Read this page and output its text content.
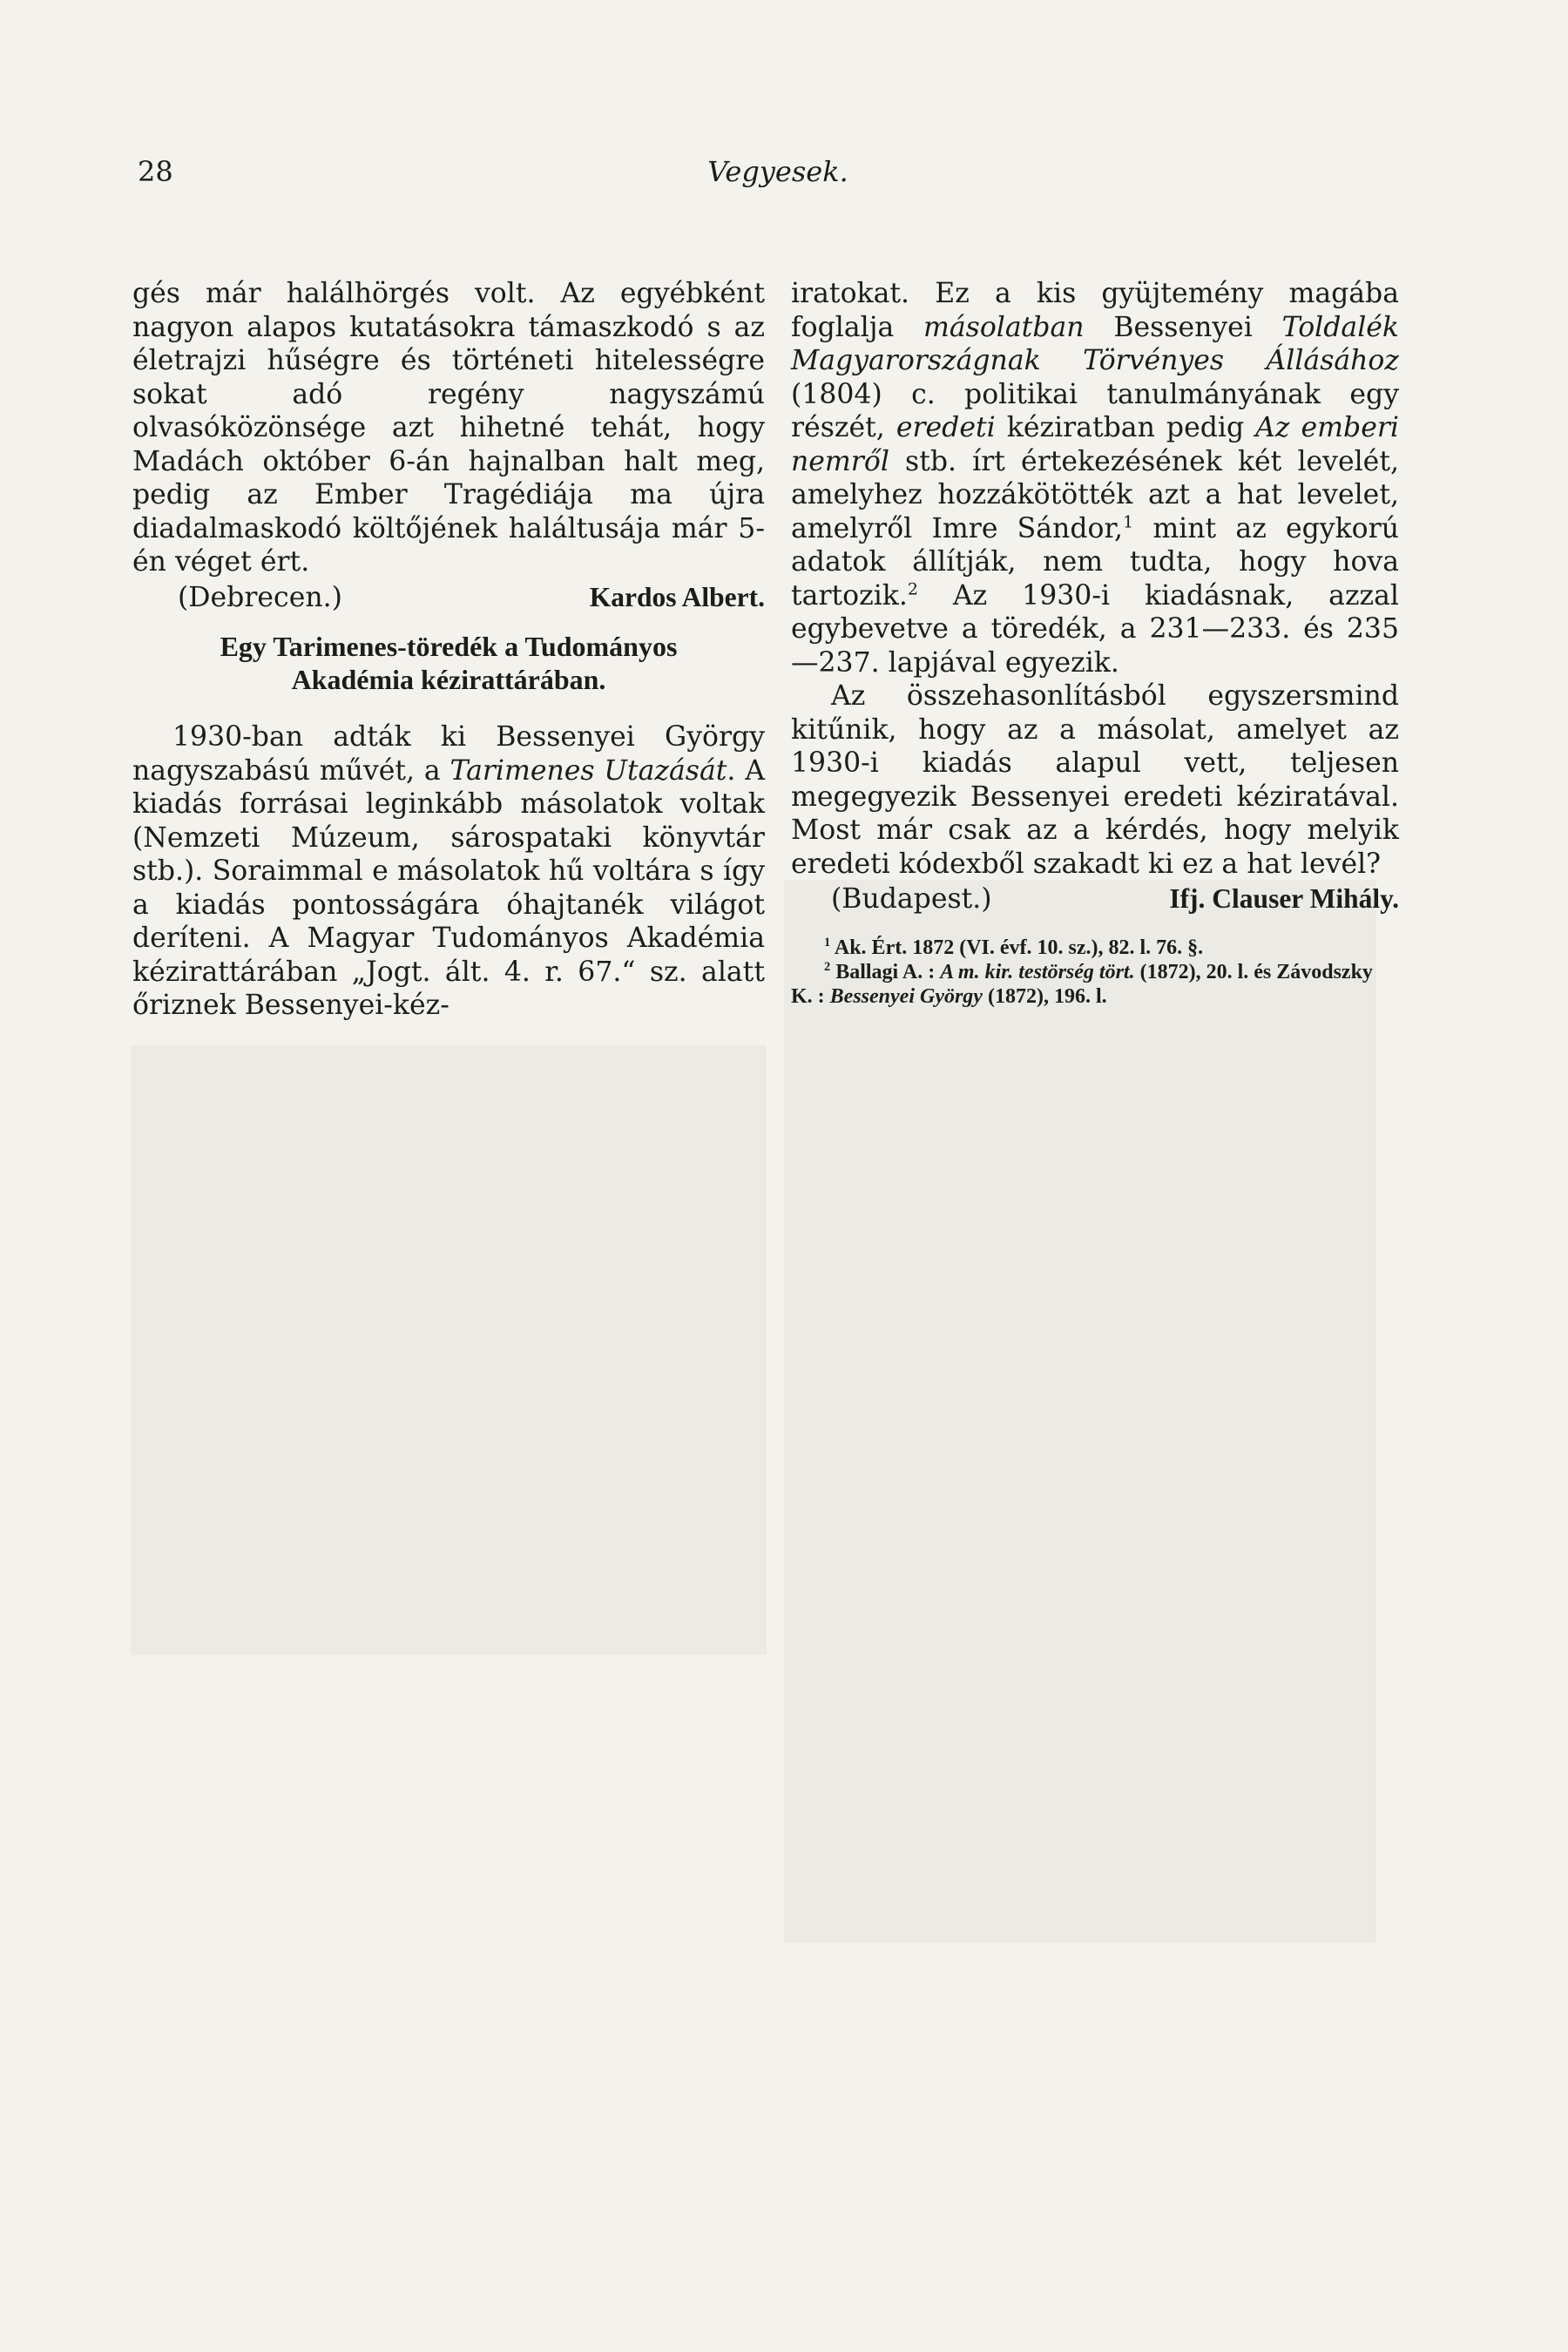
28	Vegyesek.

gés már halálhörgés volt. Az egyébként nagyon alapos kutatásokra támaszkodó s az életrajzi hűségre és történeti hitelességre sokat adó regény nagyszámú olvasóközönsége azt hihetné tehát, hogy Madách október 6-án hajnalban halt meg, pedig az Ember Tragédiája ma újra diadalmaskodó költőjének haláltusája már 5-én véget ért.

(Debrecen.)	Kardos Albert.
Egy Tarimenes-töredék a Tudományos
Akadémia kézirattárában.

1930-ban adták ki Bessenyei György nagyszabású művét, a Tarimenes Utazását. A kiadás forrásai leginkább másolatok voltak (Nemzeti Múzeum, sárospataki könyvtár stb.). Soraimmal e másolatok hű voltára s így a kiadás pontosságára óhajtanék világot deríteni. A Magyar Tudományos Akadémia kézirattárában „Jogt. ált. 4. r. 67.“ sz. alatt őriznek Bessenyei-kéz-

iratokat. Ez a kis gyüjtemény magába foglalja másolatban Bessenyei Toldalék Magyarországnak Törvényes Állásához (1804) c. politikai tanulmányának egy részét, eredeti kéziratban pedig Az emberi nemről stb. írt értekezésének két levelét, amelyhez hozzákötötték azt a hat levelet, amelyről Imre Sándor,$^1$ mint az egykorú adatok állítják, nem tudta, hogy hova tartozik.$^2$ Az 1930-i kiadásnak, azzal egybevetve a töredék, a 231—233. és 235—237. lapjával egyezik.

Az összehasonlításból egyszersmind kitűnik, hogy az a másolat, amelyet az 1930-i kiadás alapul vett, teljesen megegyezik Bessenyei eredeti kéziratával. Most már csak az a kérdés, hogy melyik eredeti kódexből szakadt ki ez a hat levél?

(Budapest.)	Ifj. Clauser Mihály.

$^1$ Ak. Ért. 1872 (VI. évf. 10. sz.), 82. l. 76. §.

$^2$ Ballagi A. : A m. kir. testörség tört. (1872), 20. l. és Závodszky K. : Bessenyei György (1872), 196. l.
